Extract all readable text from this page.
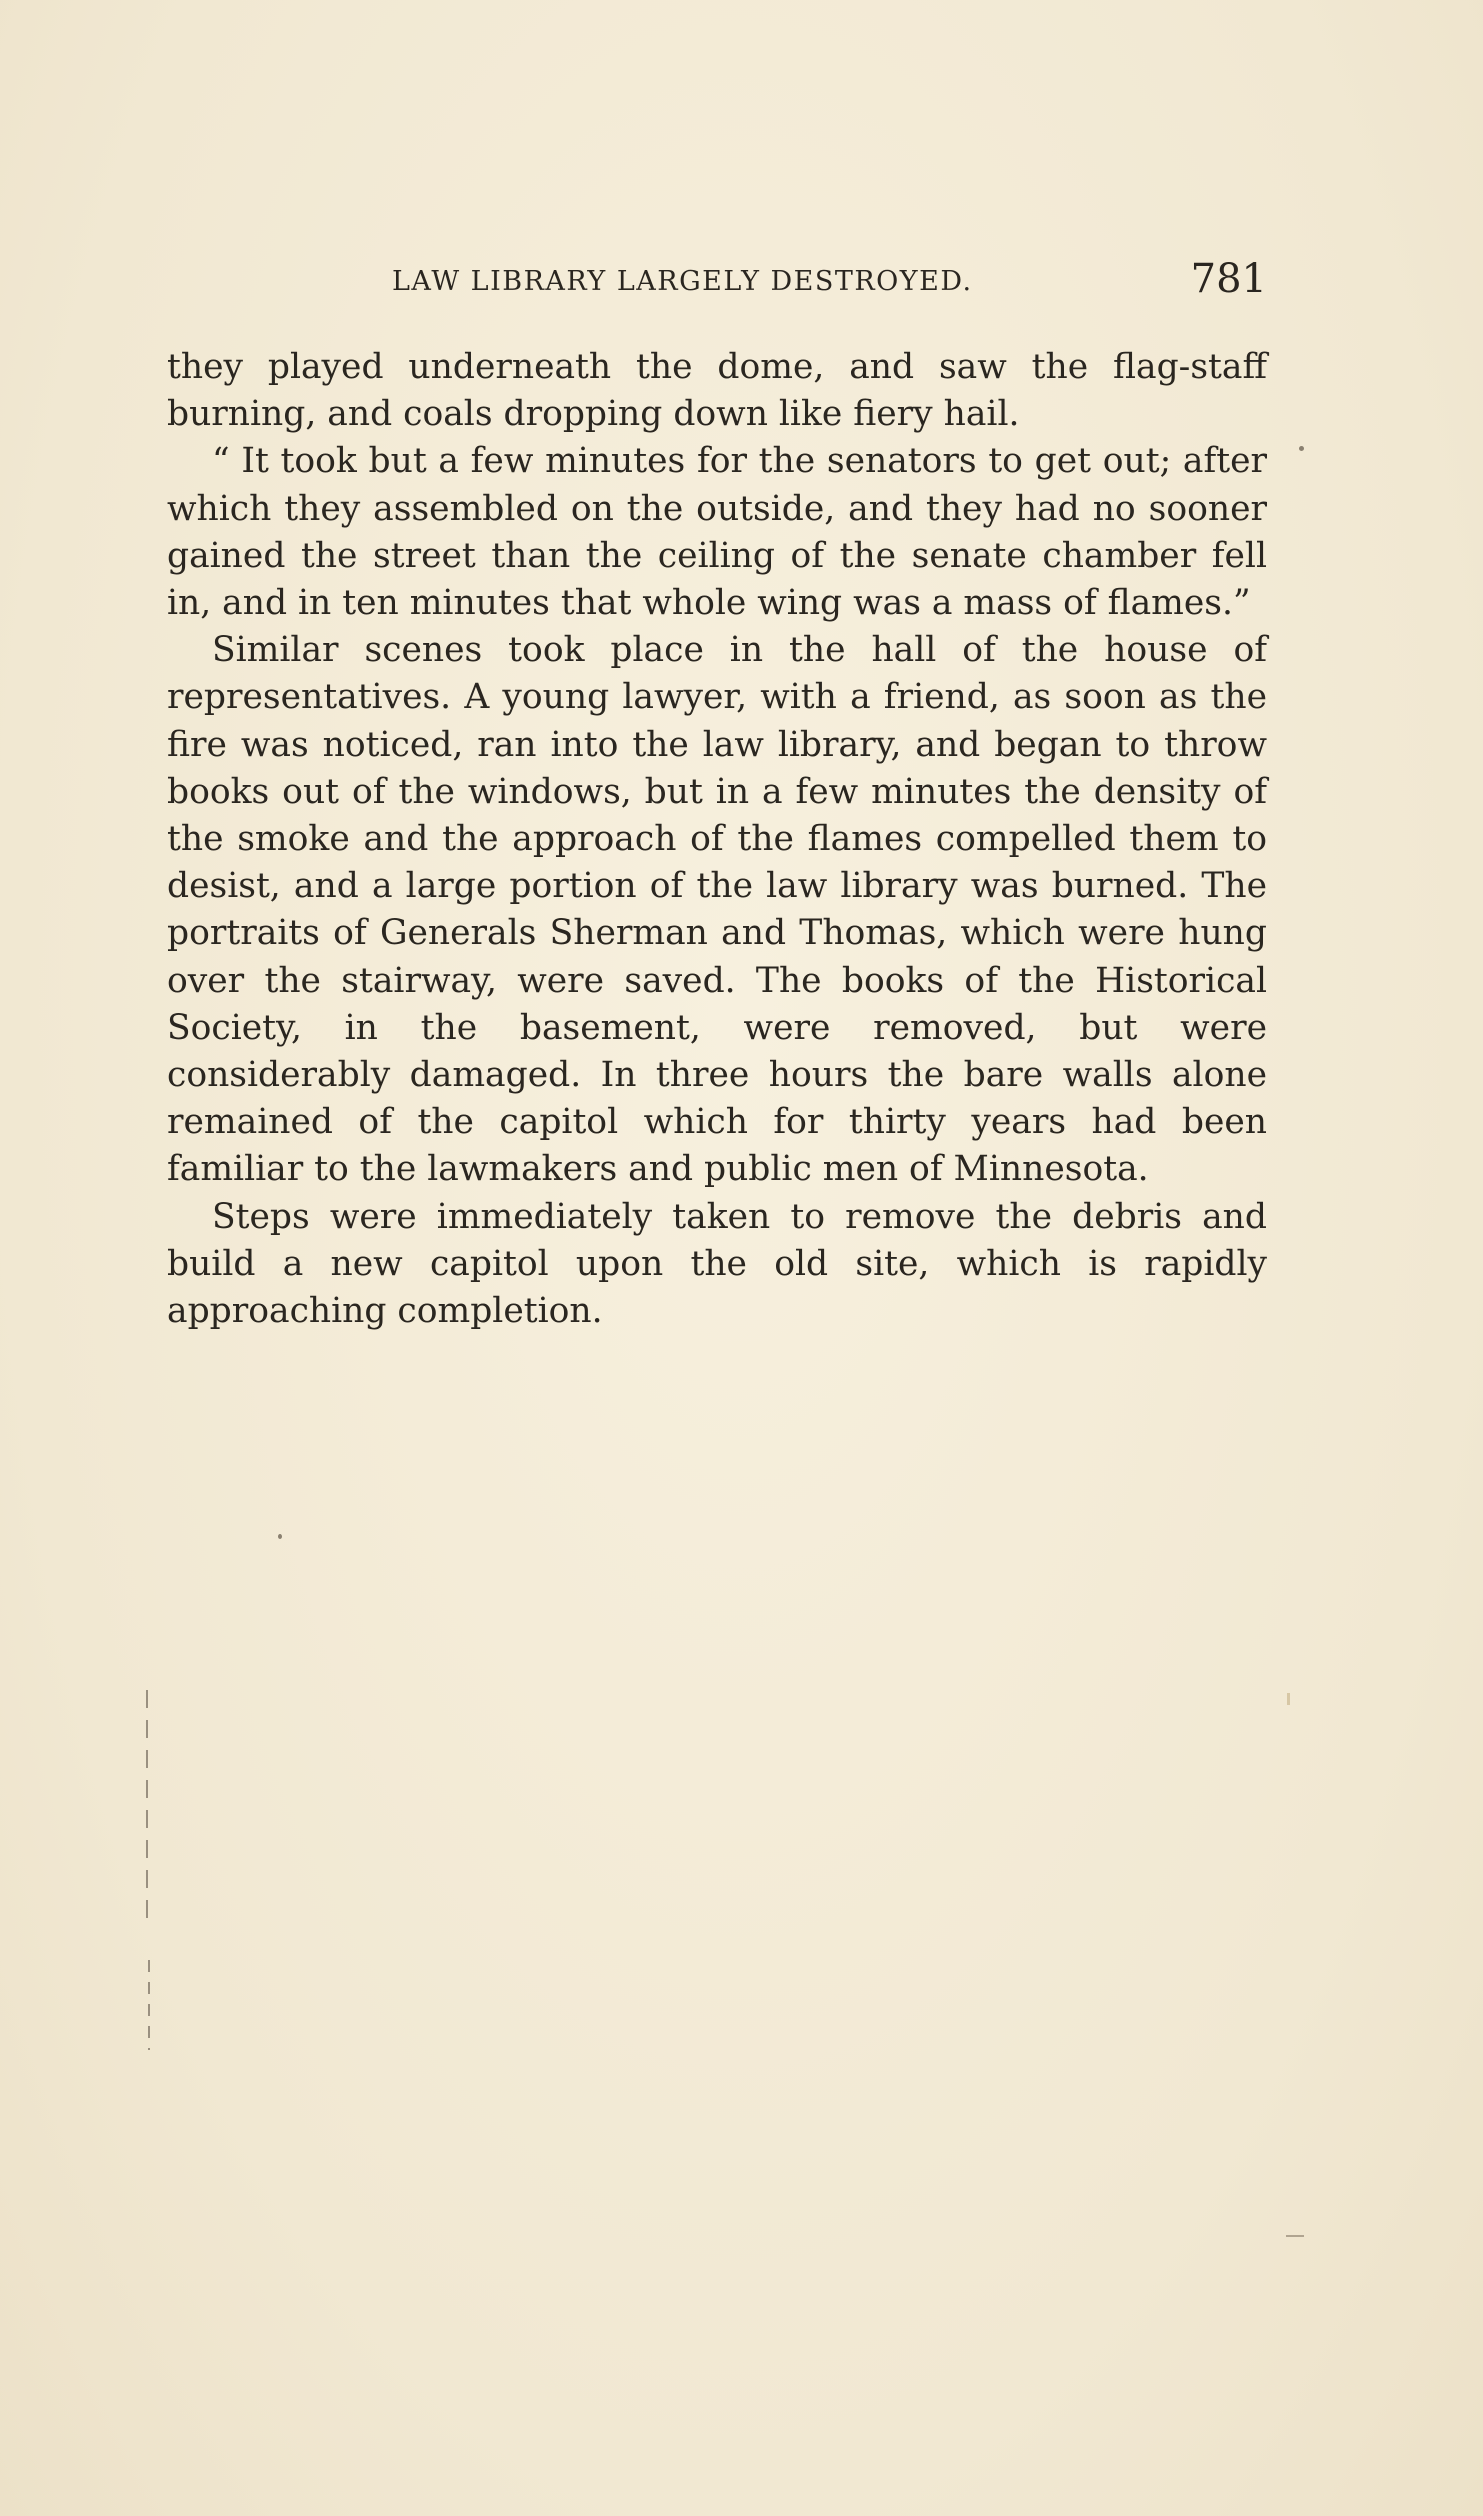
LAW LIBRARY LARGELY DESTROYED.	781

they played underneath the dome, and saw the flag-staff burning, and coals dropping down like fiery hail.

“ It took but a few minutes for the senators to get out; after which they assembled on the outside, and they had no sooner gained the street than the ceiling of the senate chamber fell in, and in ten minutes that whole wing was a mass of flames.”

Similar scenes took place in the hall of the house of representatives. A young lawyer, with a friend, as soon as the fire was noticed, ran into the law library, and began to throw books out of the windows, but in a few minutes the density of the smoke and the approach of the flames compelled them to desist, and a large portion of the law library was burned. The portraits of Generals Sherman and Thomas, which were hung over the stairway, were saved. The books of the Historical Society, in the basement, were removed, but were considerably damaged. In three hours the bare walls alone remained of the capitol which for thirty years had been familiar to the lawmakers and public men of Minnesota.

Steps were immediately taken to remove the debris and build a new capitol upon the old site, which is rapidly approaching completion.
